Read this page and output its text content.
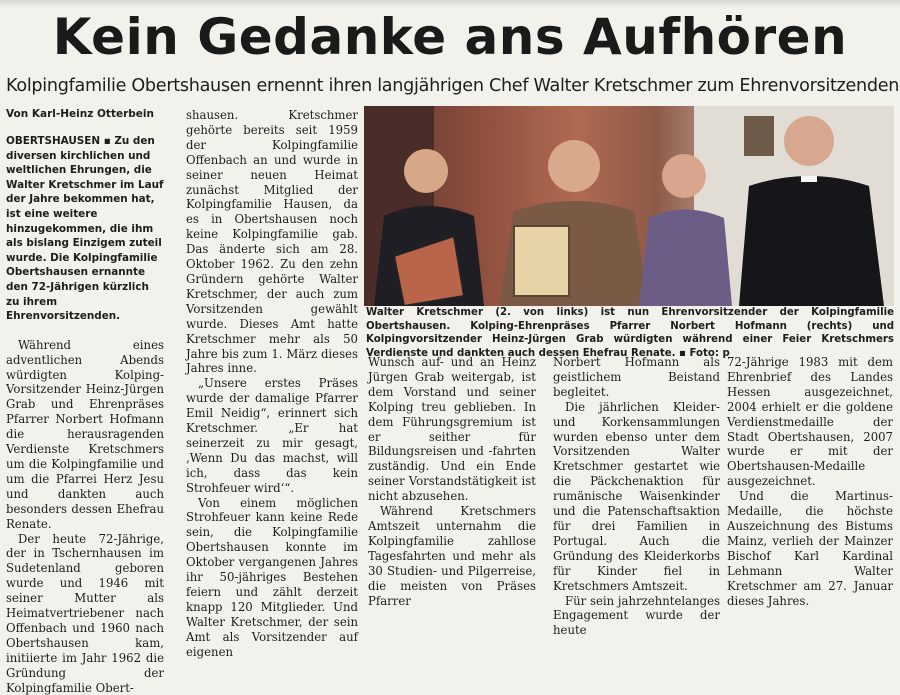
Kein Gedanke ans Aufhören
Kolpingfamilie Obertshausen ernennt ihren langjährigen Chef Walter Kretschmer zum Ehrenvorsitzenden
Von Karl-Heinz Otterbein

OBERTSHAUSEN ▪ Zu den diversen kirchlichen und weltlichen Ehrungen, die Walter Kretschmer im Lauf der Jahre bekommen hat, ist eine weitere hinzugekommen, die ihm als bislang Einzigem zuteil wurde. Die Kolpingfamilie Obertshausen ernannte den 72-Jährigen kürzlich zu ihrem Ehrenvorsitzenden.

Während eines adventlichen Abends würdigten Kolping-Vorsitzender Heinz-Jürgen Grab und Ehrenpräses Pfarrer Norbert Hofmann die herausragenden Verdienste Kretschmers um die Kolpingfamilie und um die Pfarrei Herz Jesu und dankten auch besonders dessen Ehefrau Renate.

Der heute 72-Jährige, der in Tschernhausen im Sudetenland geboren wurde und 1946 mit seiner Mutter als Heimatvertriebener nach Offenbach und 1960 nach Obertshausen kam, initiierte im Jahr 1962 die Gründung der Kolpingfamilie Obert-

shausen. Kretschmer gehörte bereits seit 1959 der Kolpingfamilie Offenbach an und wurde in seiner neuen Heimat zunächst Mitglied der Kolpingfamilie Hausen, da es in Obertshausen noch keine Kolpingfamilie gab. Das änderte sich am 28. Oktober 1962. Zu den zehn Gründern gehörte Walter Kretschmer, der auch zum Vorsitzenden gewählt wurde. Dieses Amt hatte Kretschmer mehr als 50 Jahre bis zum 1. März dieses Jahres inne.

„Unsere erstes Präses wurde der damalige Pfarrer Emil Neidig“, erinnert sich Kretschmer. „Er hat seinerzeit zu mir gesagt, ‚Wenn Du das machst, will ich, dass das kein Strohfeuer wird‘“.

Von einem möglichen Strohfeuer kann keine Rede sein, die Kolpingfamilie Obertshausen konnte im Oktober vergangenen Jahres ihr 50-jähriges Bestehen feiern und zählt derzeit knapp 120 Mitglieder. Und Walter Kretschmer, der sein Amt als Vorsitzender auf eigenen

Walter Kretschmer (2. von links) ist nun Ehrenvorsitzender der Kolpingfamilie Obertshausen. Kolping-Ehrenpräses Pfarrer Norbert Hofmann (rechts) und Kolpingvorsitzender Heinz-Jürgen Grab würdigten während einer Feier Kretschmers Verdienste und dankten auch dessen Ehefrau Renate. ▪ Foto: p

Wunsch auf- und an Heinz Jürgen Grab weitergab, ist dem Vorstand und seiner Kolping treu geblieben. In dem Führungsgremium ist er seither für Bildungsreisen und -fahrten zuständig. Und ein Ende seiner Vorstandstätigkeit ist nicht abzusehen.

Während Kretschmers Amtszeit unternahm die Kolpingfamilie zahllose Tagesfahrten und mehr als 30 Studien- und Pilgerreise, die meisten von Präses Pfarrer

Norbert Hofmann als geistlichem Beistand begleitet.

Die jährlichen Kleider- und Korkensammlungen wurden ebenso unter dem Vorsitzenden Walter Kretschmer gestartet wie die Päckchenaktion für rumänische Waisenkinder und die Patenschaftsaktion für drei Familien in Portugal. Auch die Gründung des Kleiderkorbs für Kinder fiel in Kretschmers Amtszeit.

Für sein jahrzehntelanges Engagement wurde der heute

72-Jährige 1983 mit dem Ehrenbrief des Landes Hessen ausgezeichnet, 2004 erhielt er die goldene Verdienstmedaille der Stadt Obertshausen, 2007 wurde er mit der Obertshausen-Medaille ausgezeichnet.

Und die Martinus-Medaille, die höchste Auszeichnung des Bistums Mainz, verlieh der Mainzer Bischof Karl Kardinal Lehmann Walter Kretschmer am 27. Januar dieses Jahres.
